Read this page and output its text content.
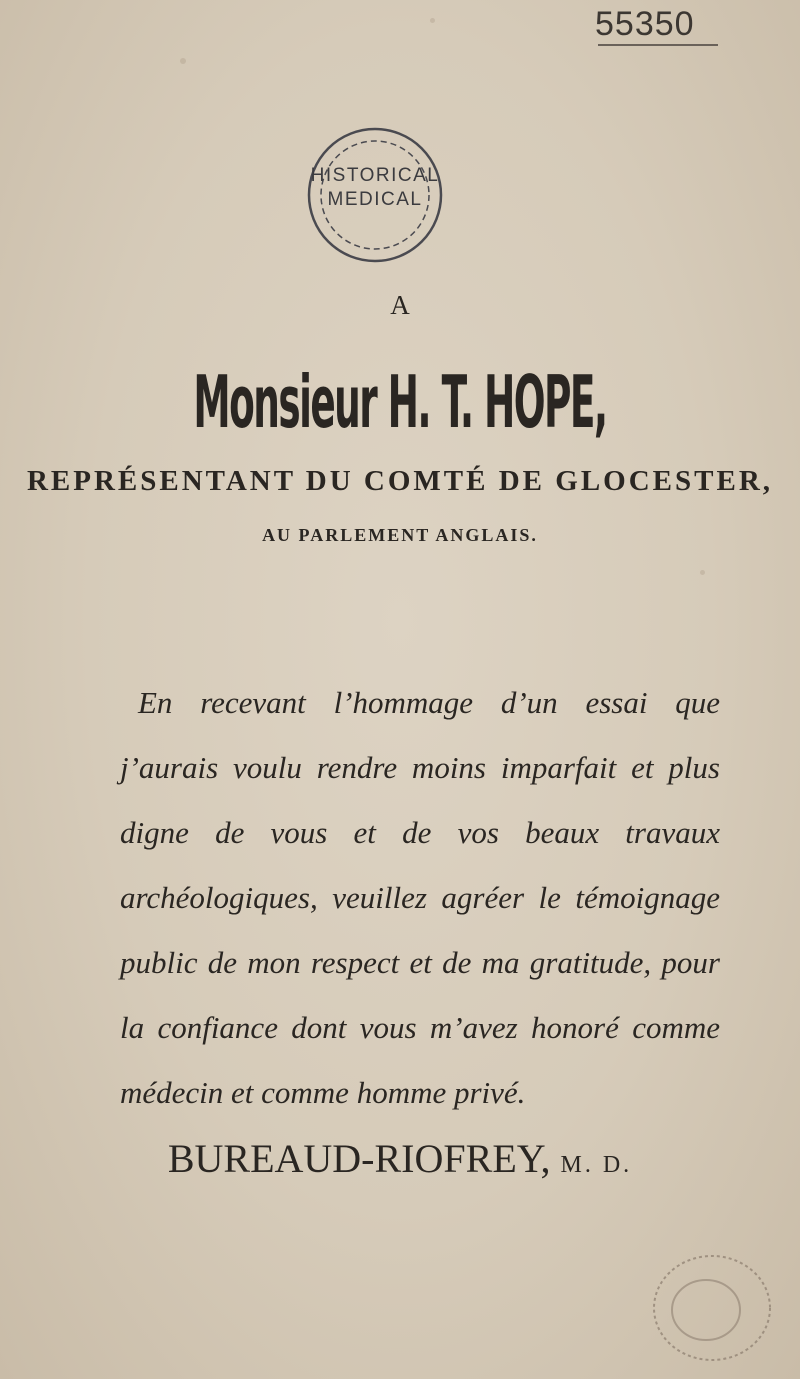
55350
HISTORICAL
MEDICAL
A
Monsieur H. T. HOPE,
REPRÉSENTANT DU COMTÉ DE GLOCESTER,
AU PARLEMENT ANGLAIS.

En recevant l’hommage d’un essai que j’aurais voulu rendre moins imparfait et plus digne de vous et de vos beaux travaux archéologiques, veuillez agréer le témoignage public de mon respect et de ma gratitude, pour la confiance dont vous m’avez honoré comme médecin et comme homme privé.

BUREAUD-RIOFREY, M. D.
